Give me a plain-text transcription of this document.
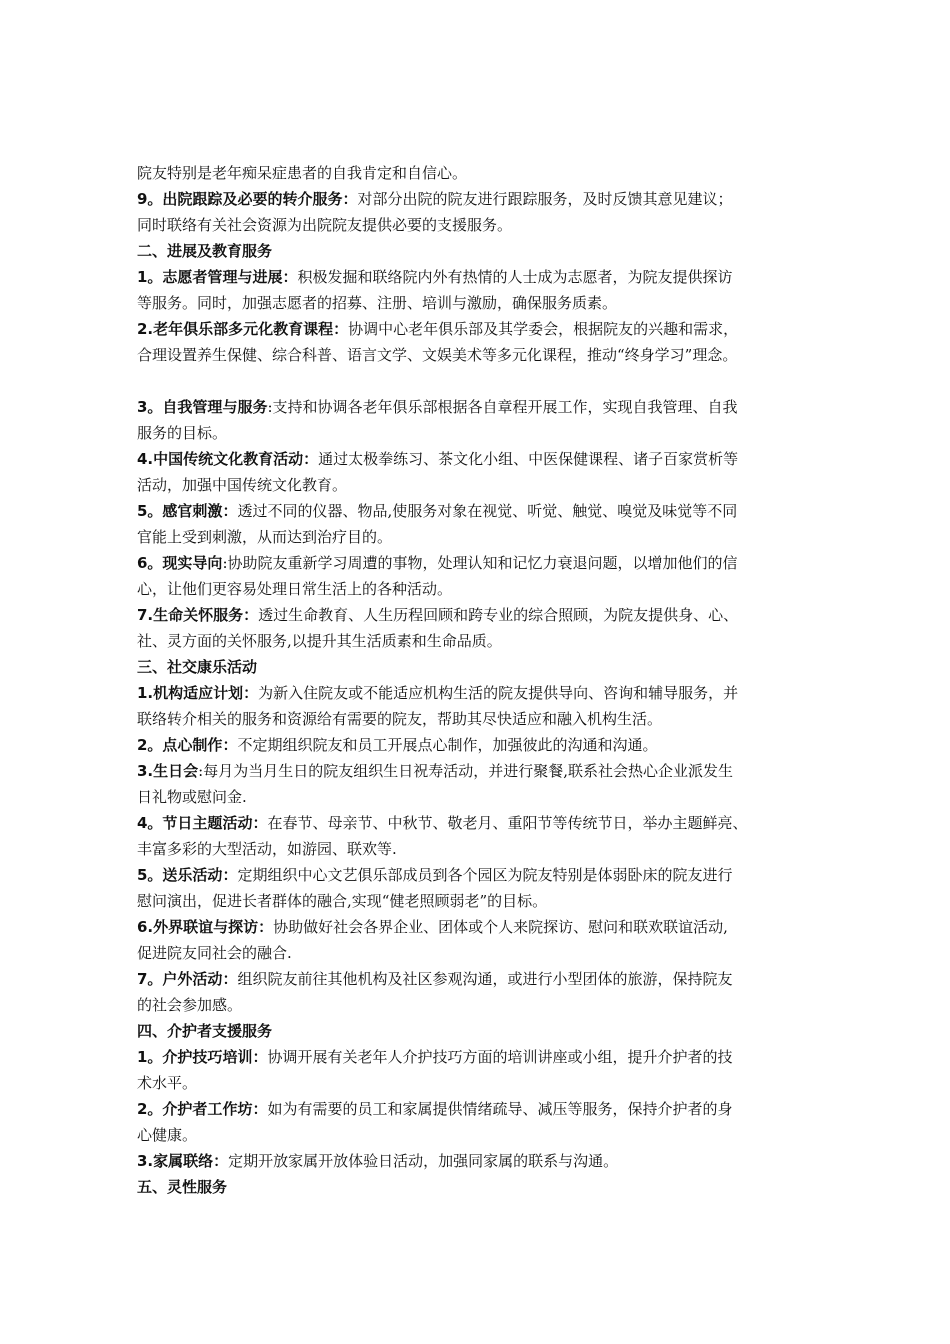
院友特别是老年痴呆症患者的自我肯定和自信心。
9。出院跟踪及必要的转介服务：对部分出院的院友进行跟踪服务，及时反馈其意见建议；
同时联络有关社会资源为出院院友提供必要的支援服务。
二、进展及教育服务
1。志愿者管理与进展：积极发掘和联络院内外有热情的人士成为志愿者，为院友提供探访
等服务。同时，加强志愿者的招募、注册、培训与激励，确保服务质素。
2.老年俱乐部多元化教育课程：协调中心老年俱乐部及其学委会，根据院友的兴趣和需求，
合理设置养生保健、综合科普、语言文学、文娱美术等多元化课程，推动“终身学习”理念。
3。自我管理与服务:支持和协调各老年俱乐部根据各自章程开展工作，实现自我管理、自我
服务的目标。
4.中国传统文化教育活动：通过太极拳练习、茶文化小组、中医保健课程、诸子百家赏析等
活动，加强中国传统文化教育。
5。感官刺激：透过不同的仪器、物品,使服务对象在视觉、听觉、触觉、嗅觉及味觉等不同
官能上受到刺激，从而达到治疗目的。
6。现实导向:协助院友重新学习周遭的事物，处理认知和记忆力衰退问题，以增加他们的信
心，让他们更容易处理日常生活上的各种活动。
7.生命关怀服务：透过生命教育、人生历程回顾和跨专业的综合照顾，为院友提供身、心、
社、灵方面的关怀服务,以提升其生活质素和生命品质。
三、社交康乐活动
1.机构适应计划：为新入住院友或不能适应机构生活的院友提供导向、咨询和辅导服务，并
联络转介相关的服务和资源给有需要的院友，帮助其尽快适应和融入机构生活。
2。点心制作：不定期组织院友和员工开展点心制作，加强彼此的沟通和沟通。
3.生日会:每月为当月生日的院友组织生日祝寿活动，并进行聚餐,联系社会热心企业派发生
日礼物或慰问金.
4。节日主题活动：在春节、母亲节、中秋节、敬老月、重阳节等传统节日，举办主题鲜亮、
丰富多彩的大型活动，如游园、联欢等.
5。送乐活动：定期组织中心文艺俱乐部成员到各个园区为院友特别是体弱卧床的院友进行
慰问演出，促进长者群体的融合,实现“健老照顾弱老”的目标。
6.外界联谊与探访：协助做好社会各界企业、团体或个人来院探访、慰问和联欢联谊活动,
促进院友同社会的融合.
7。户外活动：组织院友前往其他机构及社区参观沟通，或进行小型团体的旅游，保持院友
的社会参加感。
四、介护者支援服务
1。介护技巧培训：协调开展有关老年人介护技巧方面的培训讲座或小组，提升介护者的技
术水平。
2。介护者工作坊：如为有需要的员工和家属提供情绪疏导、减压等服务，保持介护者的身
心健康。
3.家属联络：定期开放家属开放体验日活动，加强同家属的联系与沟通。
五、灵性服务
